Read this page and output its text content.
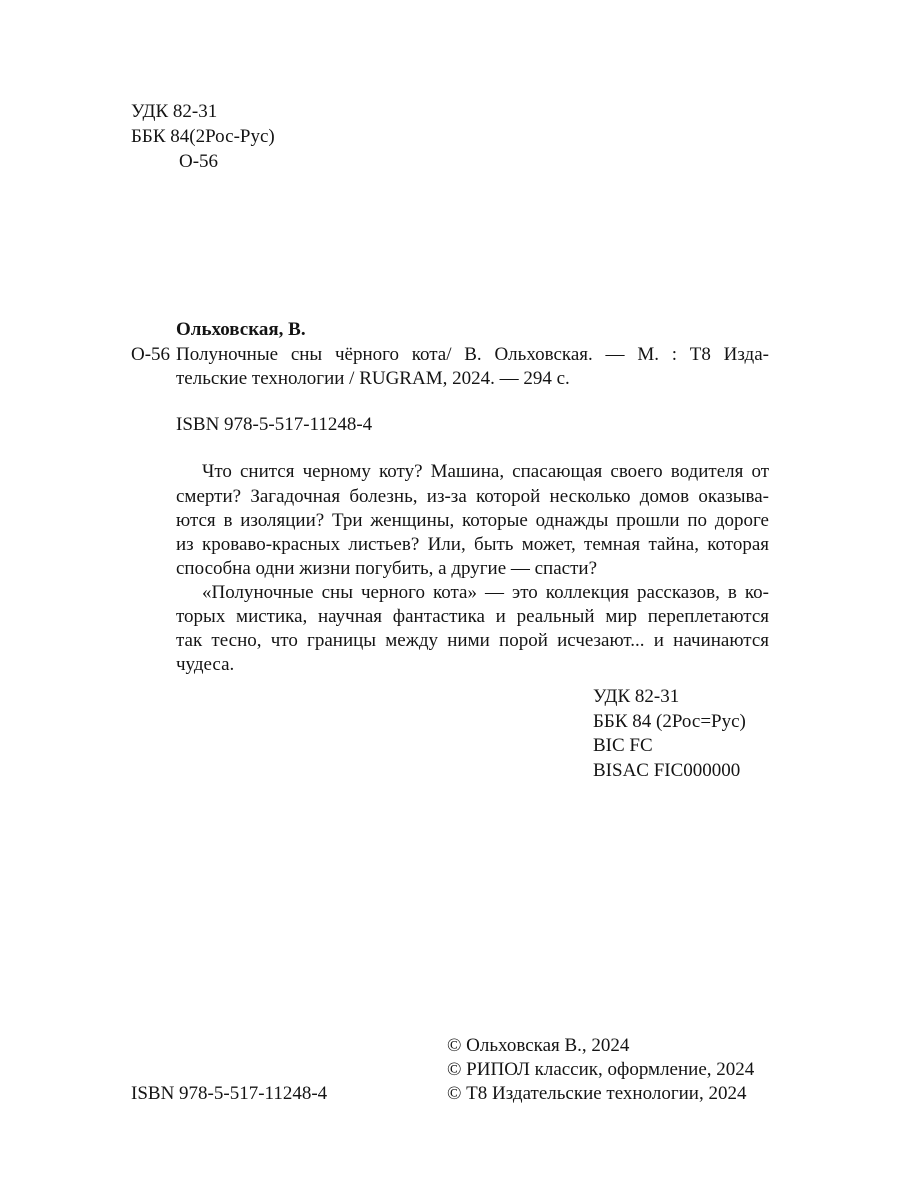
УДК 82-31

ББК 84(2Рос-Рус)

О-56

Ольховская, В.

О-56 Полуночные сны чёрного кота/ В. Ольховская. — М. : Т8 Изда-

тельские технологии / RUGRAM, 2024. — 294 с.

ISBN 978-5-517-11248-4

Что снится черному коту? Машина, спасающая своего водителя от

смерти? Загадочная болезнь, из-за которой несколько домов оказыва-

ются в изоляции? Три женщины, которые однажды прошли по дороге

из кроваво-красных листьев? Или, быть может, темная тайна, которая

способна одни жизни погубить, а другие — спасти?

«Полуночные сны черного кота» — это коллекция рассказов, в ко-

торых мистика, научная фантастика и реальный мир переплетаются

так тесно, что границы между ними порой исчезают... и начинаются

чудеса.

УДК 82-31

ББК 84 (2Рос=Рус)

BIC FC

BISAC FIC000000

© Ольховская В., 2024

© РИПОЛ классик, оформление, 2024

ISBN 978-5-517-11248-4	© Т8 Издательские технологии, 2024
